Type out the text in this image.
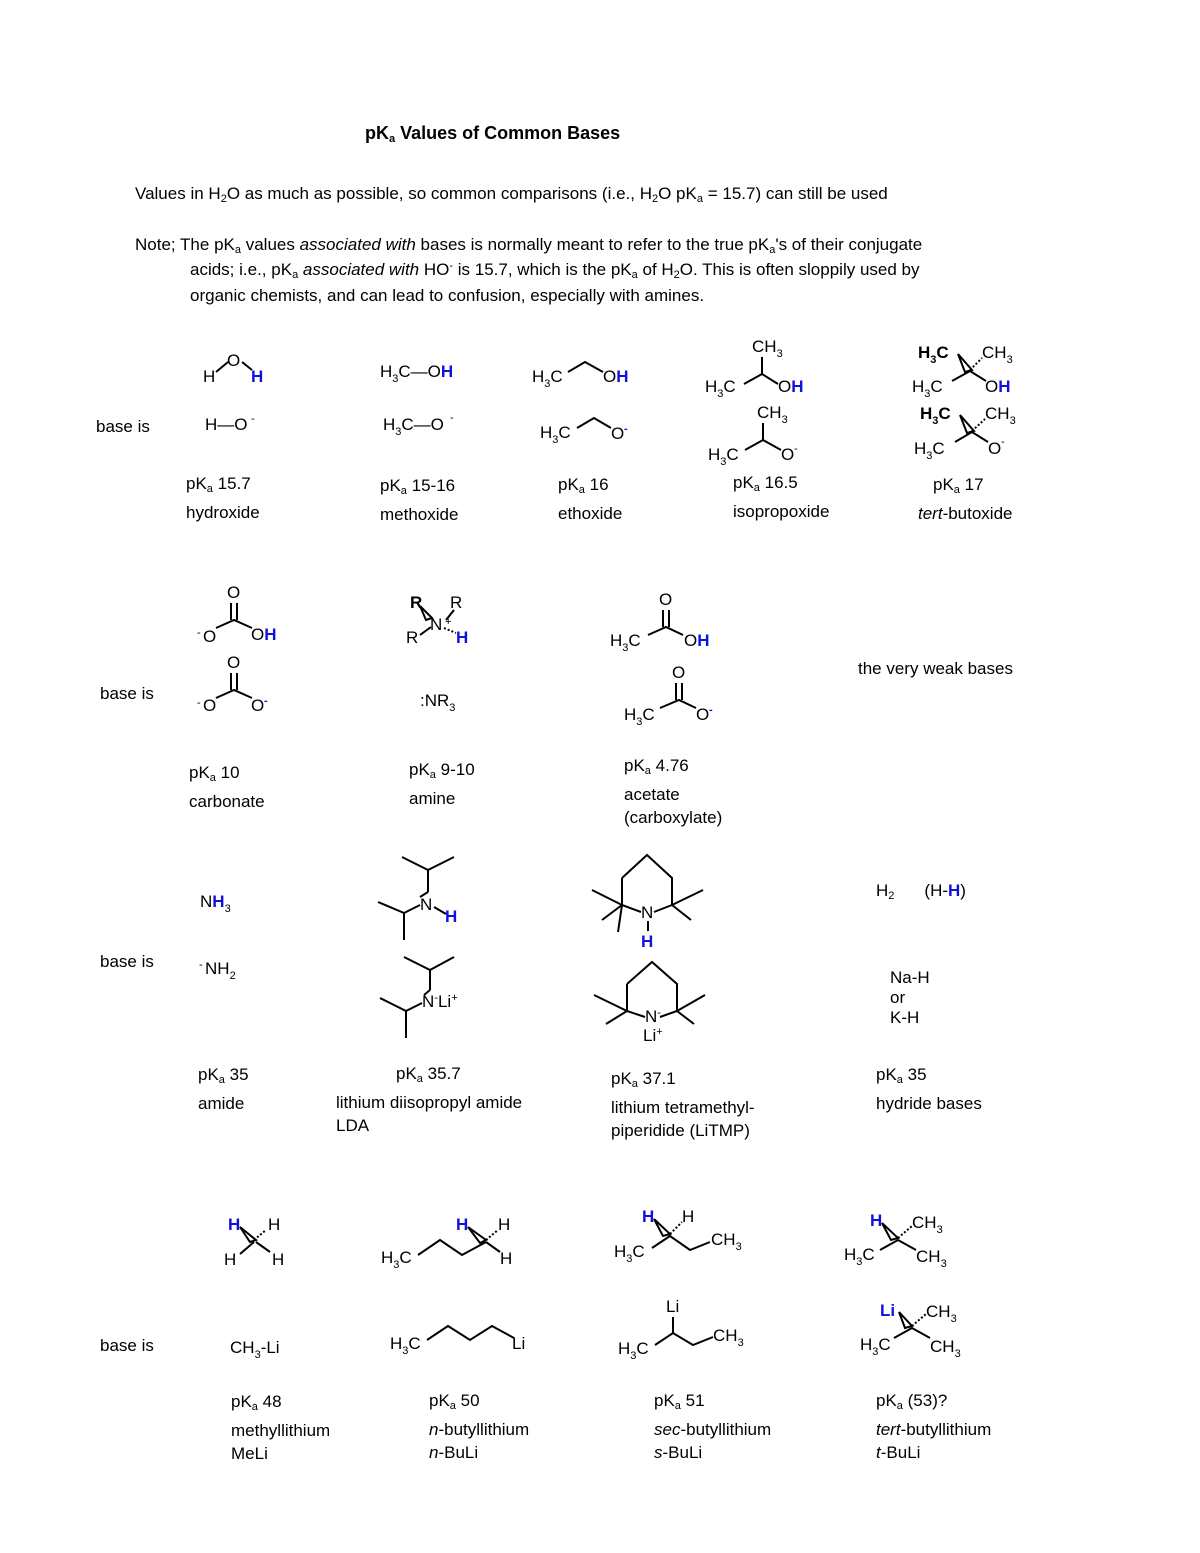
$pK_a$ Values of Common Bases
Values in $H_2O$ as much as possible, so common comparisons (i.e., $H_2O$ $pK_a = 15.7$) can still be used
Note; The $pK_a$ values associated with bases is normally meant to refer to the true $pK_a's$ of their conjugate
acids; i.e., $pK_a$ associated with HO- is 15.7, which is the $pK_a$ of $H_2O$. This is often sloppily used by
organic chemists, and can lead to confusion, especially with amines.
base is
base is
base is
base is
H
O
H
H—O -
$H_3C—OH$
$H_3C—O$ -
$H_3C$ OH
$H_3C$ O -
$CH_3$
$H_3C$ OH
$CH_3$
$H_3C$ O -
$H_3C$ $CH_3$
$H_3C$ OH
$H_3C$ $CH_3$
$H_3C$	O -
O
- O OH
O
- O O -
R R
N +
R H
$:NR_3$
O
$H_3C$	OH
O
$H_3C$ O -
$NH_3$
- $NH_2$
N
H
N-Li+
N
H
N-
Li+
H H
H H	$H_3C$
H H
H
$H_3C$	Li
$CH_3-Li$
H H
$H_3C$
$CH_3$
Li
$H_3C$
$CH_3$
H $CH_3$
$H_3C$ $CH_3$
Li $CH_3$
$H_3C$ $CH_3$
$pK_a$ 15.7
hydroxide
$pK_a$ 15-16
methoxide
$pK_a$ 16
ethoxide
$pK_a$ 16.5
isopropoxide
$pK_a$ 17
tert-butoxide
$pK_a$ 10
carbonate
$pK_a$ 9-10
amine
$pK_a$ 4.76
acetate
(carboxylate)
the very weak bases
$pK_a$ 35
amide
$pK_a$ 35.7
lithium diisopropyl amide
LDA
$pK_a$ 37.1
lithium tetramethyl-
piperidide (LiTMP)
$H_2$ (H-H)
Na-H
or
K-H
$pK_a$ 35
hydride bases
$pK_a$ 48
methyllithium
MeLi
$pK_a$ 50
n-butyllithium
n-BuLi
$pK_a$ 51
sec-butyllithium
s-BuLi
$pK_a$ (53)?
tert-butyllithium
t-BuLi
